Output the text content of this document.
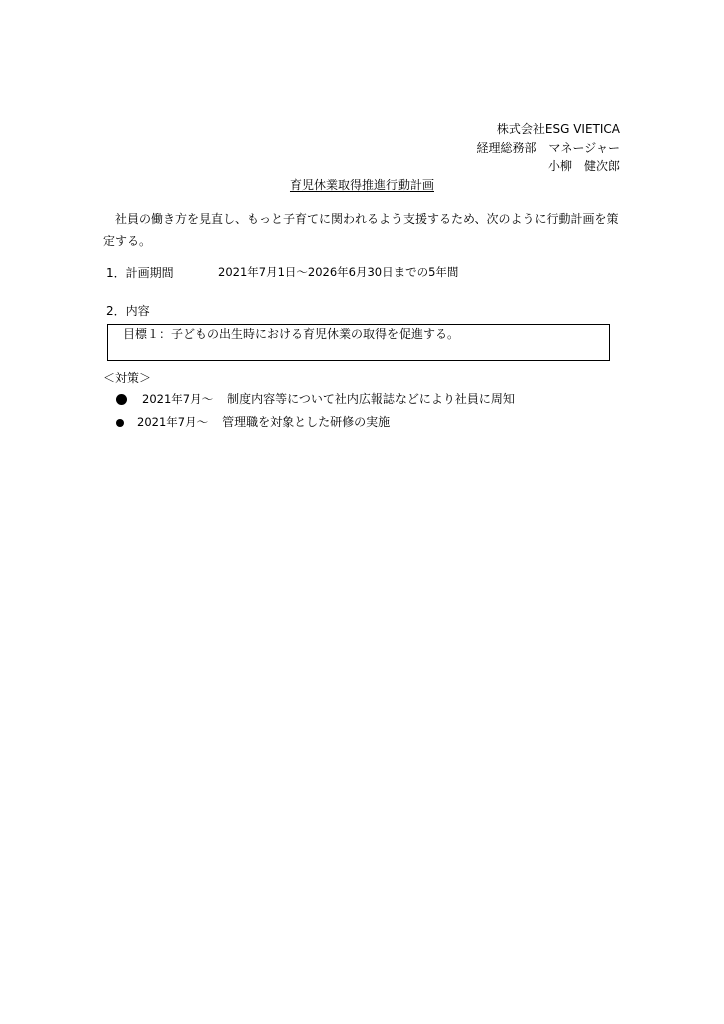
株式会社ESG VIETICA
経理総務部　マネージャー
小柳　健次郎
育児休業取得推進行動計画
　社員の働き方を見直し、もっと子育てに関われるよう支援するため、次のように行動計画を策定する。
1．計画期間	2021年7月1日～2026年6月30日までの5年間
2．内容
目標１：子どもの出生時における育児休業の取得を促進する。
＜対策＞
2021年7月～ 制度内容等について社内広報誌などにより社員に周知
2021年7月～ 管理職を対象とした研修の実施
